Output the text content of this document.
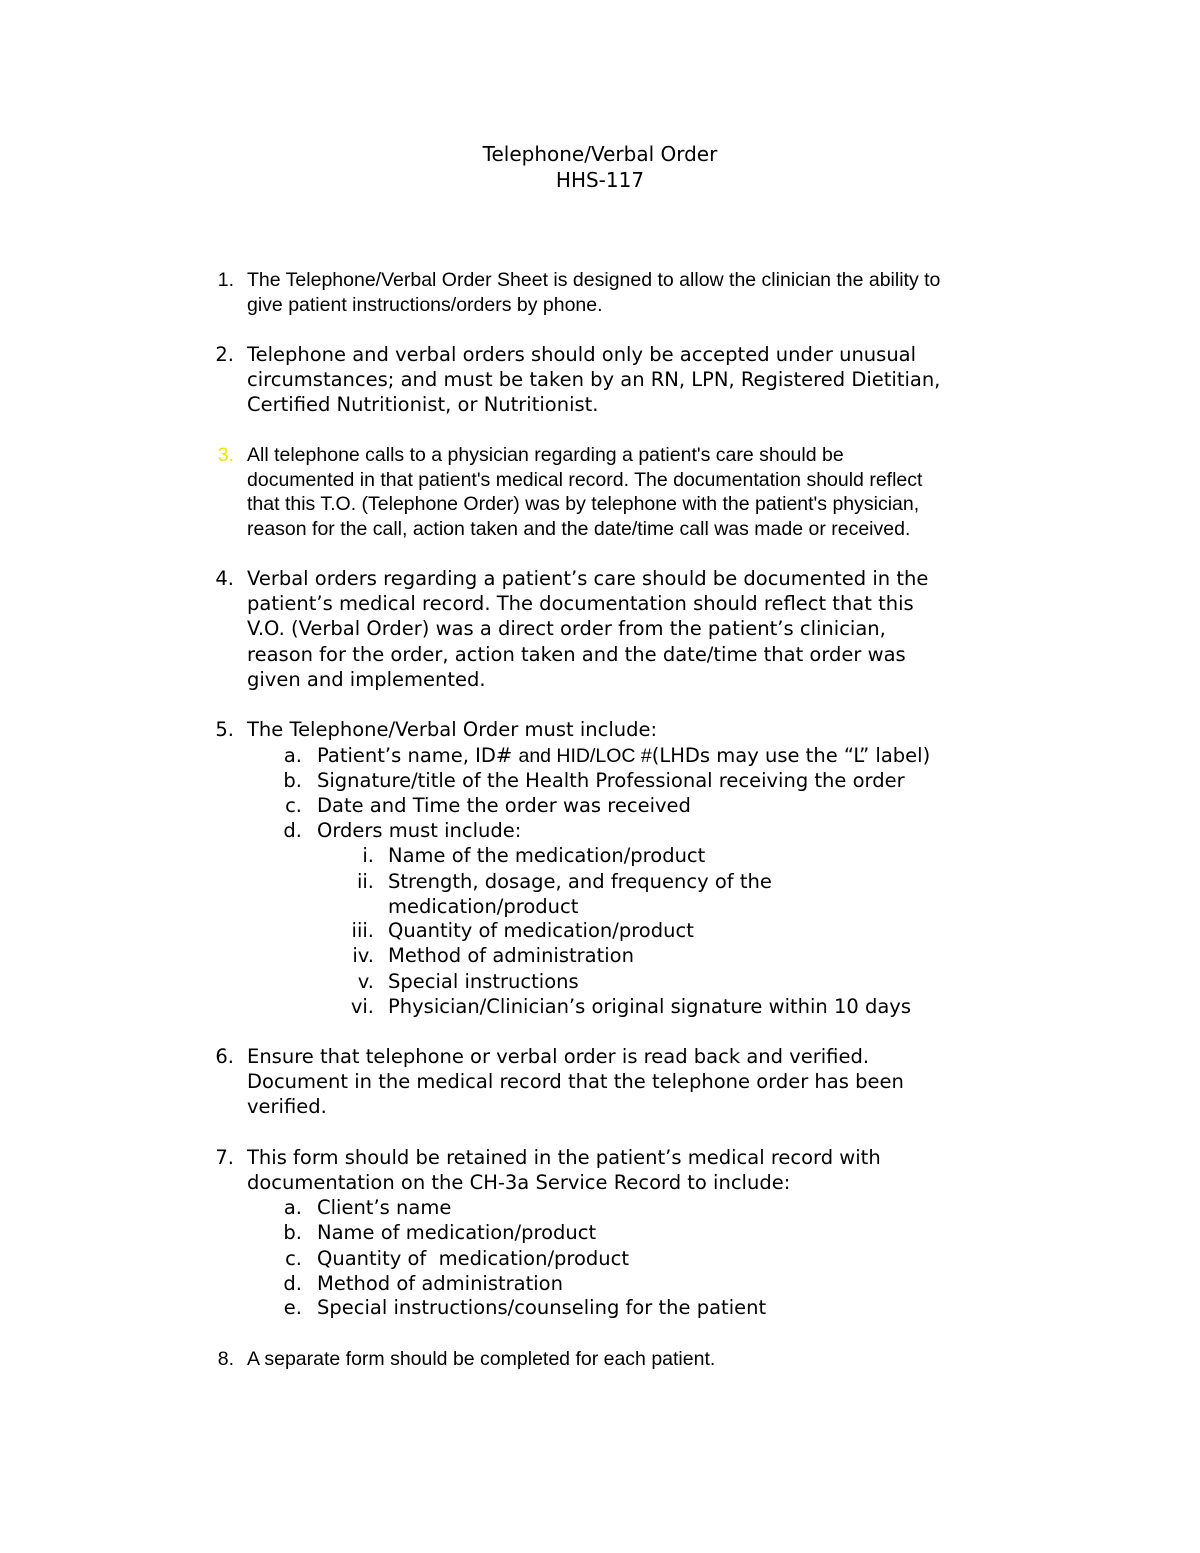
Telephone/Verbal Order
HHS-117
1. The Telephone/Verbal Order Sheet is designed to allow the clinician the ability to
give patient instructions/orders by phone.
2. Telephone and verbal orders should only be accepted under unusual
circumstances; and must be taken by an RN, LPN, Registered Dietitian,
Certified Nutritionist, or Nutritionist.
3. All telephone calls to a physician regarding a patient's care should be
documented in that patient's medical record. The documentation should reflect
that this T.O. (Telephone Order) was by telephone with the patient's physician,
reason for the call, action taken and the date/time call was made or received.
4. Verbal orders regarding a patient’s care should be documented in the
patient’s medical record. The documentation should reflect that this
V.O. (Verbal Order) was a direct order from the patient’s clinician,
reason for the order, action taken and the date/time that order was
given and implemented.
5. The Telephone/Verbal Order must include:
a. Patient’s name, ID# and HID/LOC #(LHDs may use the “L” label)
b. Signature/title of the Health Professional receiving the order
c. Date and Time the order was received
d. Orders must include:
i. Name of the medication/product
ii. Strength, dosage, and frequency of the
medication/product
iii. Quantity of medication/product
iv. Method of administration
v. Special instructions
vi. Physician/Clinician’s original signature within 10 days
6. Ensure that telephone or verbal order is read back and verified.
Document in the medical record that the telephone order has been
verified.
7. This form should be retained in the patient’s medical record with
documentation on the CH-3a Service Record to include:
a. Client’s name
b. Name of medication/product
c. Quantity of  medication/product
d. Method of administration
e. Special instructions/counseling for the patient
8. A separate form should be completed for each patient.
